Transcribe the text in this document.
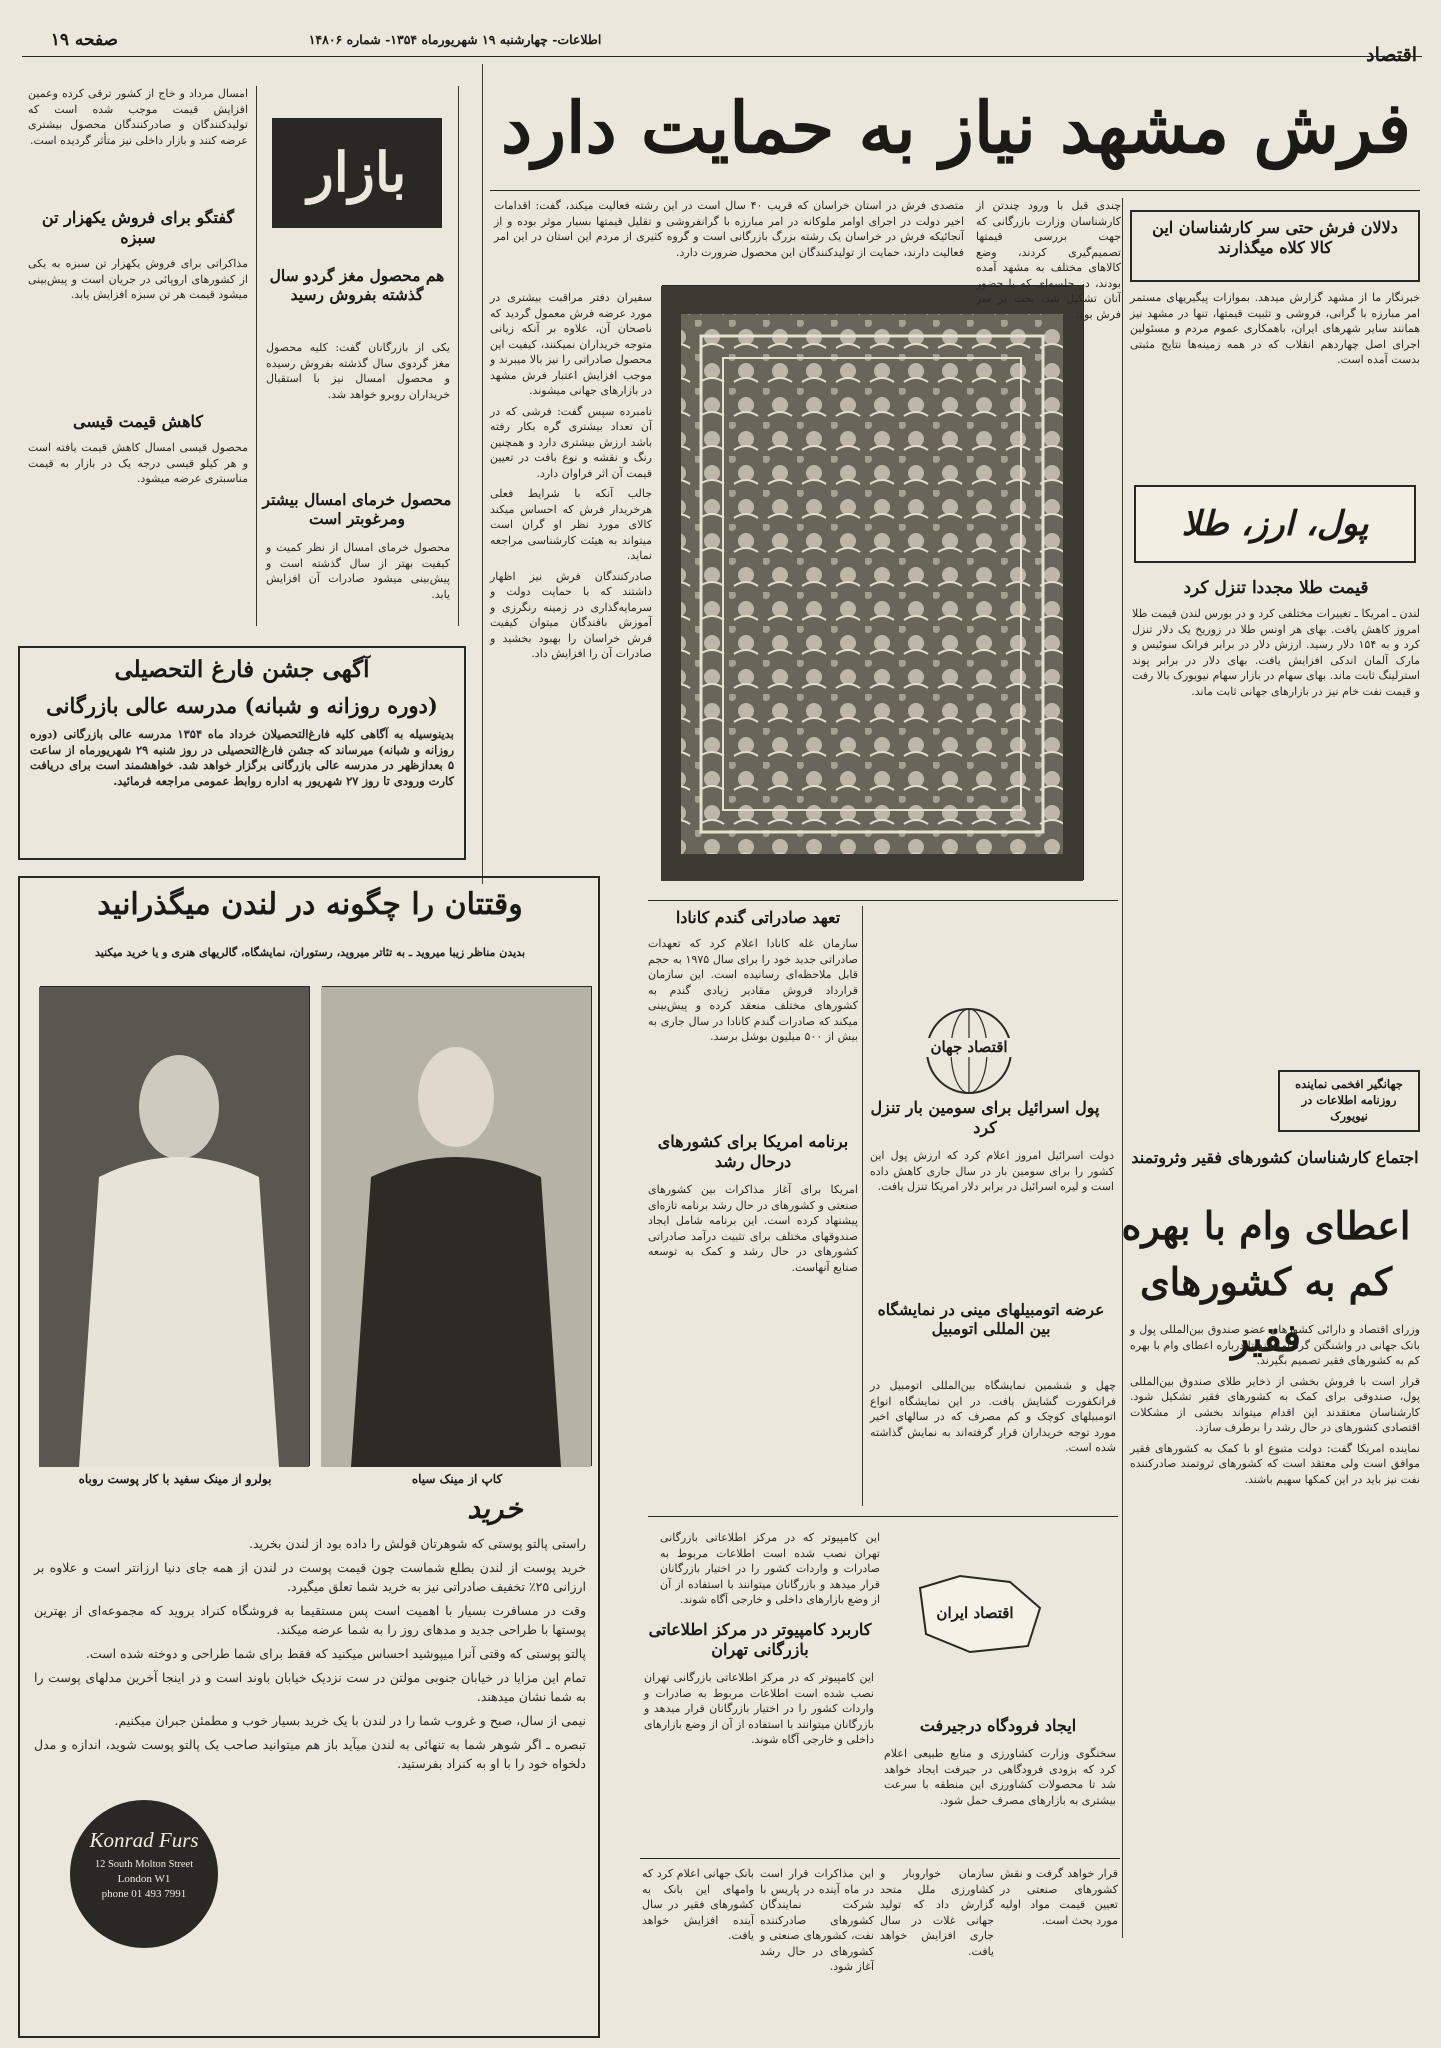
صفحه ۱۹	اطلاعات- چهارشنبه ۱۹ شهریورماه ۱۳۵۴- شماره ۱۴۸۰۶
اقتصاد
فرش مشهد نیاز به حمایت دارد
دلالان فرش حتی سر کارشناسان این کالا کلاه میگذارند

خبرنگار ما از مشهد گزارش میدهد. بموازات پیگیریهای مستمر امر مبارزه با گرانی، فروشی و تثبیت قیمتها، تنها در مشهد نیز همانند سایر شهرهای ایران، باهمکاری عموم مردم و مسئولین اجرای اصل چهاردهم انقلاب که در همه زمینه‌ها نتایج مثبتی بدست آمده است.

چندی قبل با ورود چندتن از کارشناسان وزارت بازرگانی که جهت بررسی قیمتها تصمیم‌گیری کردند، وضع کالاهای مختلف به مشهد آمده بودند، در جلسه‌ای که با حضور آنان تشکیل شد، بحث بر سر فرش بود.

متصدی فرش در استان خراسان که قریب ۴۰ سال است در این رشته فعالیت میکند، گفت: اقدامات اخیر دولت در اجرای اوامر ملوکانه در امر مبارزه با گرانفروشی و تقلیل قیمتها بسیار موثر بوده و از آنجائیکه فرش در خراسان یک رشته بزرگ بازرگانی است و گروه کثیری از مردم این استان در این امر فعالیت دارند، حمایت از تولیدکنندگان این محصول ضرورت دارد.

سفیران دفتر مراقبت بیشتری در مورد عرضه فرش معمول گردید که ناصحان آن، علاوه بر آنکه زیانی متوجه خریداران نمیکنند، کیفیت این محصول صادراتی را نیز بالا میبرند و موجب افزایش اعتبار فرش مشهد در بازارهای جهانی میشوند.

نامبرده سپس گفت: فرشی که در آن تعداد بیشتری گره بکار رفته باشد ارزش بیشتری دارد و همچنین رنگ و نقشه و نوع بافت در تعیین قیمت آن اثر فراوان دارد.

جالب آنکه با شرایط فعلی هرخریدار فرش که احساس میکند کالای مورد نظر او گران است میتواند به هیئت کارشناسی مراجعه نماید.

صادرکنندگان فرش نیز اظهار داشتند که با حمایت دولت و سرمایه‌گذاری در زمینه رنگرزی و آموزش بافندگان میتوان کیفیت فرش خراسان را بهبود بخشید و صادرات آن را افزایش داد.

پول، ارز، طلا
قیمت طلا مجددا تنزل کرد
لندن ـ امریکا ـ تغییرات مختلفی کرد و در بورس لندن قیمت طلا امروز کاهش یافت. بهای هر اونس طلا در زوریخ یک دلار تنزل کرد و به ۱۵۴ دلار رسید. ارزش دلار در برابر فرانک سوئیس و مارک آلمان اندکی افزایش یافت. بهای دلار در برابر پوند استرلینگ ثابت ماند. بهای سهام در بازار سهام نیویورک بالا رفت و قیمت نفت خام نیز در بازارهای جهانی ثابت ماند.
جهانگیر افخمی نماینده روزنامه اطلاعات در نیویورک
اجتماع کارشناسان کشورهای فقیر وثروتمند
اعطای وام با بهره کم به کشورهای فقیر

وزرای اقتصاد و دارائی کشورهای عضو صندوق بین‌المللی پول و بانک جهانی در واشنگتن گرد آمده‌اند تا درباره اعطای وام با بهره کم به کشورهای فقیر تصمیم بگیرند.

قرار است با فروش بخشی از ذخایر طلای صندوق بین‌المللی پول، صندوقی برای کمک به کشورهای فقیر تشکیل شود. کارشناسان معتقدند این اقدام میتواند بخشی از مشکلات اقتصادی کشورهای در حال رشد را برطرف سازد.

نماینده امریکا گفت: دولت متبوع او با کمک به کشورهای فقیر موافق است ولی معتقد است که کشورهای ثروتمند صادرکننده نفت نیز باید در این کمکها سهیم باشند.

اقتصاد جهان
پول اسرائیل برای سومین بار تنزل کرد
دولت اسرائیل امروز اعلام کرد که ارزش پول این کشور را برای سومین بار در سال جاری کاهش داده است و لیره اسرائیل در برابر دلار امریکا تنزل یافت.
تعهد صادراتی گندم کانادا
سازمان غله کانادا اعلام کرد که تعهدات صادراتی جدید خود را برای سال ۱۹۷۵ به حجم قابل ملاحظه‌ای رسانیده است. این سازمان قرارداد فروش مقادیر زیادی گندم به کشورهای مختلف منعقد کرده و پیش‌بینی میکند که صادرات گندم کانادا در سال جاری به بیش از ۵۰۰ میلیون بوشل برسد.
برنامه امریکا برای کشورهای درحال رشد
امریکا برای آغاز مذاکرات بین کشورهای صنعتی و کشورهای در حال رشد برنامه تازه‌ای پیشنهاد کرده است. این برنامه شامل ایجاد صندوقهای مختلف برای تثبیت درآمد صادراتی کشورهای در حال رشد و کمک به توسعه صنایع آنهاست.
عرضه اتومبیلهای مینی در نمایشگاه بین المللی اتومبیل
چهل و ششمین نمایشگاه بین‌المللی اتومبیل در فرانکفورت گشایش یافت. در این نمایشگاه انواع اتومبیلهای کوچک و کم مصرف که در سالهای اخیر مورد توجه خریداران قرار گرفته‌اند به نمایش گذاشته شده است.
این کامپیوتر که در مرکز اطلاعاتی بازرگانی تهران نصب شده است اطلاعات مربوط به صادرات و واردات کشور را در اختیار بازرگانان قرار میدهد و بازرگانان میتوانند با استفاده از آن از وضع بازارهای داخلی و خارجی آگاه شوند.
کاربرد کامپیوتر در مرکز اطلاعاتی بازرگانی تهران
اقتصاد ایران
ایجاد فرودگاه درجیرفت
سخنگوی وزارت کشاورزی و منابع طبیعی اعلام کرد که بزودی فرودگاهی در جیرفت ایجاد خواهد شد تا محصولات کشاورزی این منطقه با سرعت بیشتری به بازارهای مصرف حمل شود.
این کامپیوتر که در مرکز اطلاعاتی بازرگانی تهران نصب شده است اطلاعات مربوط به صادرات و واردات کشور را در اختیار بازرگانان قرار میدهد و بازرگانان میتوانند با استفاده از آن از وضع بازارهای داخلی و خارجی آگاه شوند.
قرار خواهد گرفت و نقش کشورهای صنعتی در تعیین قیمت مواد اولیه مورد بحث است.
سازمان خواروبار و کشاورزی ملل متحد گزارش داد که تولید جهانی غلات در سال جاری افزایش خواهد یافت.
این مذاکرات قرار است در ماه آینده در پاریس با شرکت نمایندگان کشورهای صادرکننده نفت، کشورهای صنعتی و کشورهای در حال رشد آغاز شود.
بانک جهانی اعلام کرد که وامهای این بانک به کشورهای فقیر در سال آینده افزایش خواهد یافت.
بازار
امسال مرداد و خاج از کشور ترقی کرده وعمین افزایش قیمت موجب شده است که تولیدکنندگان و صادرکنندگان محصول بیشتری عرضه کنند و بازار داخلی نیز متأثر گردیده است.
گفتگو برای فروش یکهزار تن سبزه
مذاکراتی برای فروش یکهزار تن سبزه به یکی از کشورهای اروپائی در جریان است و پیش‌بینی میشود قیمت هر تن سبزه افزایش یابد.
کاهش قیمت قیسی
محصول قیسی امسال کاهش قیمت یافته است و هر کیلو قیسی درجه یک در بازار به قیمت مناسبتری عرضه میشود.
هم محصول مغز گردو سال گذشته بفروش رسید
یکی از بازرگانان گفت: کلیه محصول مغز گردوی سال گذشته بفروش رسیده و محصول امسال نیز با استقبال خریداران روبرو خواهد شد.
محصول خرمای امسال بیشتر ومرغوبتر است
محصول خرمای امسال از نظر کمیت و کیفیت بهتر از سال گذشته است و پیش‌بینی میشود صادرات آن افزایش یابد.
آگهی جشن فارغ التحصیلی
(دوره روزانه و شبانه) مدرسه عالی بازرگانی
بدینوسیله به آگاهی کلیه فارغ‌التحصیلان خرداد ماه ۱۳۵۴ مدرسه عالی بازرگانی (دوره روزانه و شبانه) میرساند که جشن فارغ‌التحصیلی در روز شنبه ۲۹ شهریورماه از ساعت ۵ بعدازظهر در مدرسه عالی بازرگانی برگزار خواهد شد. خواهشمند است برای دریافت کارت ورودی تا روز ۲۷ شهریور به اداره روابط عمومی مراجعه فرمائید.
وقتتان را چگونه در لندن میگذرانید
بدیدن مناظر زیبا میروید ـ به تئاتر میروید، رستوران، نمایشگاه، گالریهای هنری و یا خرید میکنید
بولرو از مینک سفید با کار پوست روباه	کاپ از مینک سیاه
خرید

راستی پالتو پوستی که شوهرتان قولش را داده بود از لندن بخرید.

خرید پوست از لندن بطلع شماست چون قیمت پوست در لندن از همه جای دنیا ارزانتر است و علاوه بر ارزانی ۲۵٪ تخفیف صادراتی نیز به خرید شما تعلق میگیرد.

وقت در مسافرت بسیار با اهمیت است پس مستقیما به فروشگاه کنراد بروید که مجموعه‌ای از بهترین پوستها با طراحی جدید و مدهای روز را به شما عرضه میکند.

پالتو پوستی که وقتی آنرا میپوشید احساس میکنید که فقط برای شما طراحی و دوخته شده است.

تمام این مزایا در خیابان جنوبی مولتن در ست نزدیک خیابان باوند است و در اینجا آخرین مدلهای پوست را به شما نشان میدهند.

نیمی از سال، صبح و غروب شما را در لندن با یک خرید بسیار خوب و مطمئن جبران میکنیم.

تبصره ـ اگر شوهر شما به تنهائی به لندن میآید باز هم میتوانید صاحب یک پالتو پوست شوید، اندازه و مدل دلخواه خود را با او به کنراد بفرستید.

Konrad Furs
12 South Molton Street
London W1
phone 01 493 7991
